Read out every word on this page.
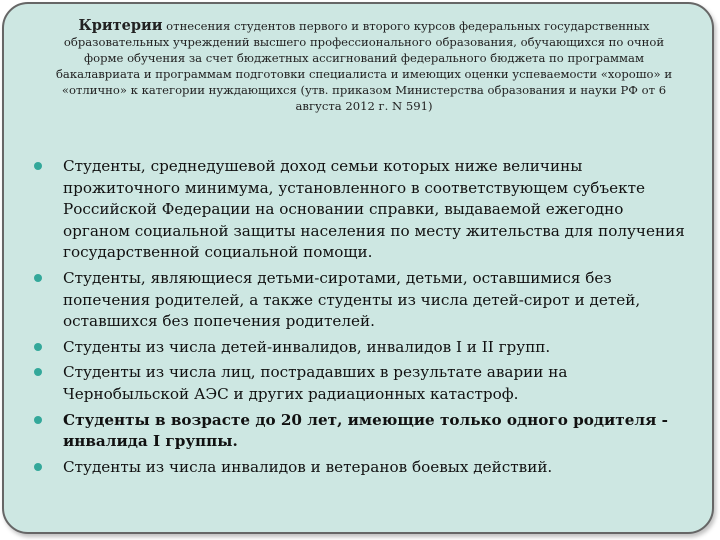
Критерии отнесения студентов первого и второго курсов федеральных государственных образовательных учреждений высшего профессионального образования, обучающихся по очной форме обучения за счет бюджетных ассигнований федерального бюджета по программам бакалавриата и программам подготовки специалиста и имеющих оценки успеваемости «хорошо» и «отлично» к категории нуждающихся (утв. приказом Министерства образования и науки РФ от 6 августа 2012 г. N 591)
Студенты, среднедушевой доход семьи которых ниже величины прожиточного минимума, установленного в соответствующем субъекте Российской Федерации на основании справки, выдаваемой ежегодно органом социальной защиты населения по месту жительства для получения государственной социальной помощи.
Студенты, являющиеся детьми-сиротами, детьми, оставшимися без попечения родителей, а также студенты из числа детей-сирот и детей, оставшихся без попечения родителей.
Студенты из числа детей-инвалидов, инвалидов I и II групп.
Студенты из числа лиц, пострадавших в результате аварии на Чернобыльской АЭС и других радиационных катастроф.
Студенты в возрасте до 20 лет, имеющие только одного родителя - инвалида I группы.
Студенты из числа инвалидов и ветеранов боевых действий.
